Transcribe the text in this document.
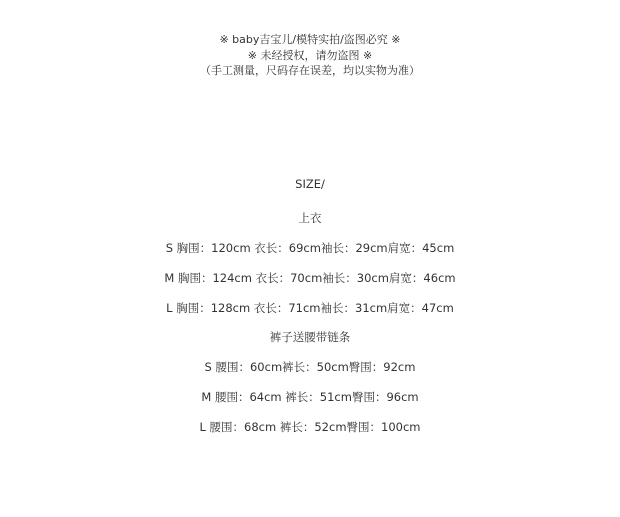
※ baby吉宝儿/模特实拍/盗图必究 ※
※ 未经授权，请勿盗图 ※
（手工测量，尺码存在误差，均以实物为准）
SIZE/
上衣
S 胸围：120cm 衣长：69cm袖长：29cm肩宽：45cm
M 胸围：124cm 衣长：70cm袖长：30cm肩宽：46cm
L 胸围：128cm 衣长：71cm袖长：31cm肩宽：47cm
裤子送腰带链条
S 腰围：60cm裤长：50cm臀围：92cm
M 腰围：64cm 裤长：51cm臀围：96cm
L 腰围：68cm 裤长：52cm臀围：100cm
